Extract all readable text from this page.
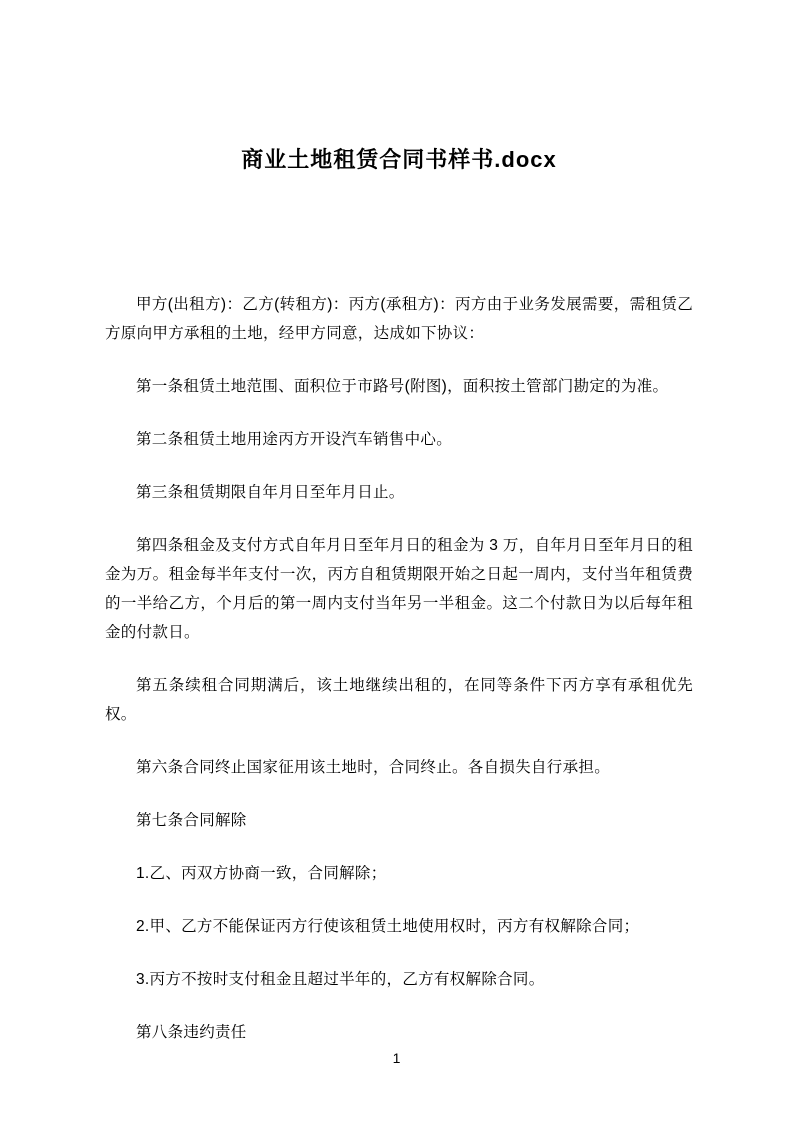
商业土地租赁合同书样书.docx

甲方(出租方)：乙方(转租方)：丙方(承租方)：丙方由于业务发展需要，需租赁乙方原向甲方承租的土地，经甲方同意，达成如下协议：

第一条租赁土地范围、面积位于市路号(附图)，面积按土管部门勘定的为准。

第二条租赁土地用途丙方开设汽车销售中心。

第三条租赁期限自年月日至年月日止。

第四条租金及支付方式自年月日至年月日的租金为 3 万，自年月日至年月日的租金为万。租金每半年支付一次，丙方自租赁期限开始之日起一周内，支付当年租赁费的一半给乙方，个月后的第一周内支付当年另一半租金。这二个付款日为以后每年租金的付款日。

第五条续租合同期满后，该土地继续出租的，在同等条件下丙方享有承租优先权。

第六条合同终止国家征用该土地时，合同终止。各自损失自行承担。

第七条合同解除

1.乙、丙双方协商一致，合同解除；

2.甲、乙方不能保证丙方行使该租赁土地使用权时，丙方有权解除合同；

3.丙方不按时支付租金且超过半年的，乙方有权解除合同。

第八条违约责任

1
